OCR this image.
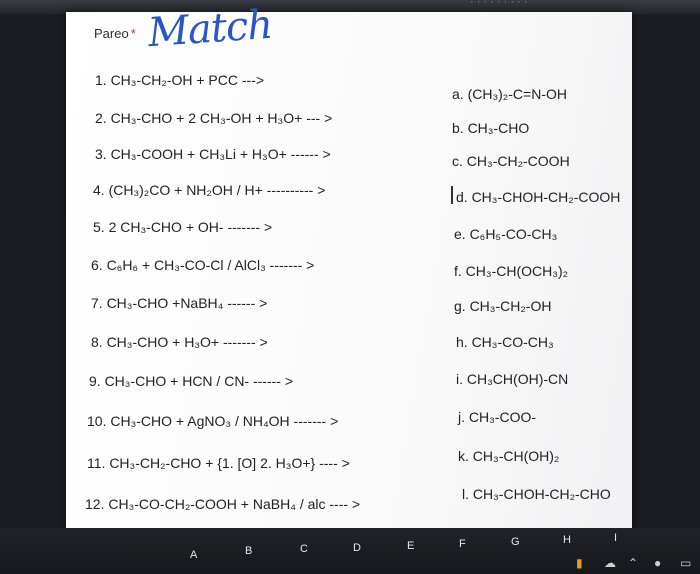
· · · · · · · · ·
Pareo * Match
1. CH₃-CH₂-OH + PCC --->
2. CH₃-CHO + 2 CH₃-OH + H₃O+ --- >
3. CH₃-COOH + CH₃Li + H₃O+ ------ >
4. (CH₃)₂CO + NH₂OH / H+ ---------- >
5. 2 CH₃-CHO + OH- ------- >
6. C₆H₆ + CH₃-CO-Cl / AlCl₃ ------- >
7. CH₃-CHO +NaBH₄ ------ >
8. CH₃-CHO + H₃O+ ------- >
9. CH₃-CHO + HCN / CN- ------ >
10. CH₃-CHO + AgNO₃ / NH₄OH ------- >
11. CH₃-CH₂-CHO + {1. [O] 2. H₃O+} ---- >
12. CH₃-CO-CH₂-COOH + NaBH₄ / alc ---- >
a. (CH₃)₂-C=N-OH
b. CH₃-CHO
c. CH₃-CH₂-COOH
d. CH₃-CHOH-CH₂-COOH
e. C₆H₅-CO-CH₃
f. CH₃-CH(OCH₃)₂
g. CH₃-CH₂-OH
h. CH₃-CO-CH₃
i. CH₃CH(OH)-CN
j. CH₃-COO-
k. CH₃-CH(OH)₂
l. CH₃-CHOH-CH₂-CHO
A	B	C	D	E	F	G	H	I
▮ ☁ ⌃ ● ▭
